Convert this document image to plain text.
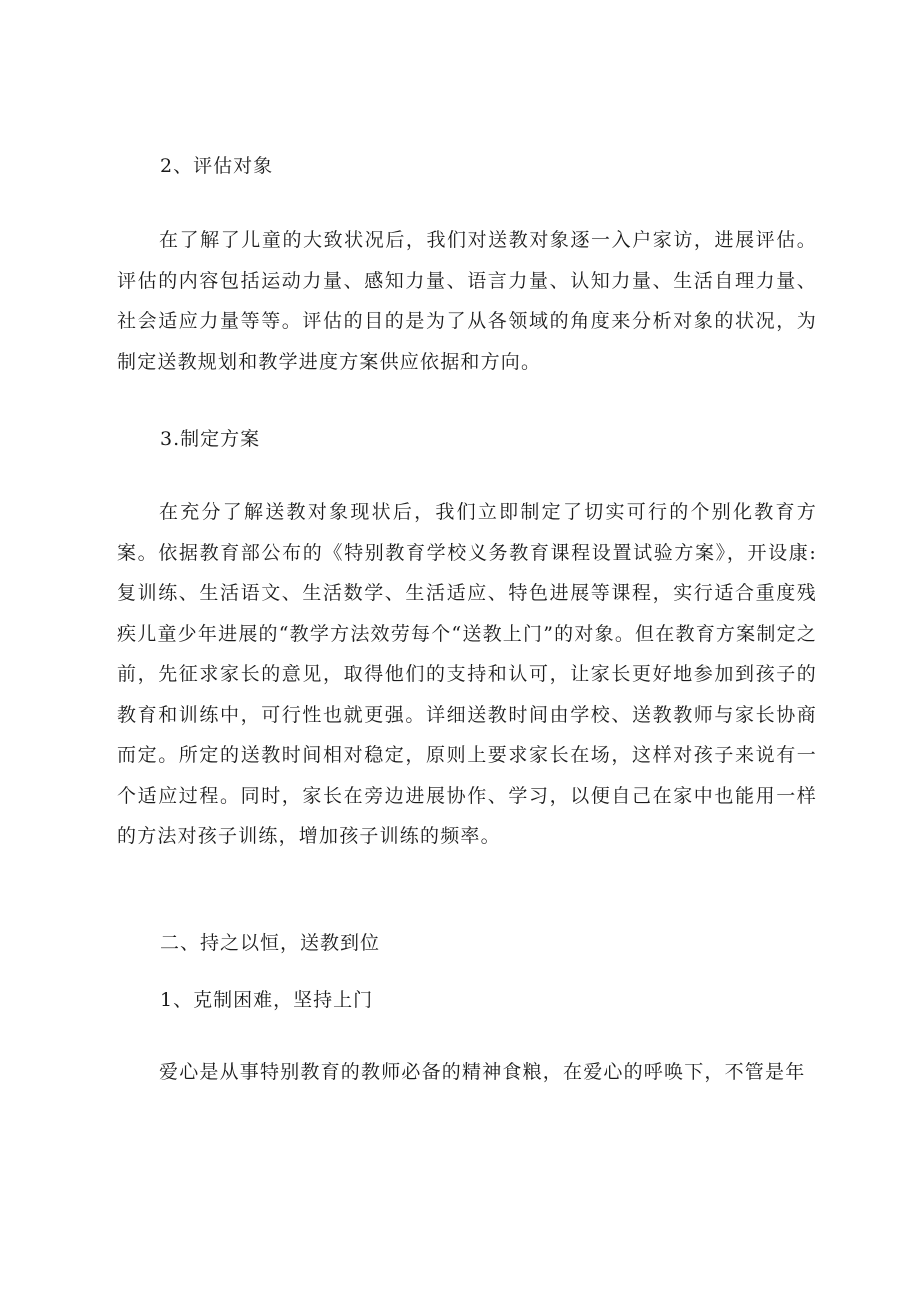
2、评估对象

在了解了儿童的大致状况后，我们对送教对象逐一入户家访，进展评估。评估的内容包括运动力量、感知力量、语言力量、认知力量、生活自理力量、社会适应力量等等。评估的目的是为了从各领域的角度来分析对象的状况，为制定送教规划和教学进度方案供应依据和方向。

3.制定方案

在充分了解送教对象现状后，我们立即制定了切实可行的个别化教育方案。依据教育部公布的《特别教育学校义务教育课程设置试验方案》，开设康:复训练、生活语文、生活数学、生活适应、特色进展等课程，实行适合重度残疾儿童少年进展的“教学方法效劳每个“送教上门”的对象。但在教育方案制定之前，先征求家长的意见，取得他们的支持和认可，让家长更好地参加到孩子的教育和训练中，可行性也就更强。详细送教时间由学校、送教教师与家长协商而定。所定的送教时间相对稳定，原则上要求家长在场，这样对孩子来说有一个适应过程。同时，家长在旁边进展协作、学习，以便自己在家中也能用一样的方法对孩子训练，增加孩子训练的频率。

二、持之以恒，送教到位
1、克制困难，坚持上门

爱心是从事特别教育的教师必备的精神食粮，在爱心的呼唤下，不管是年
